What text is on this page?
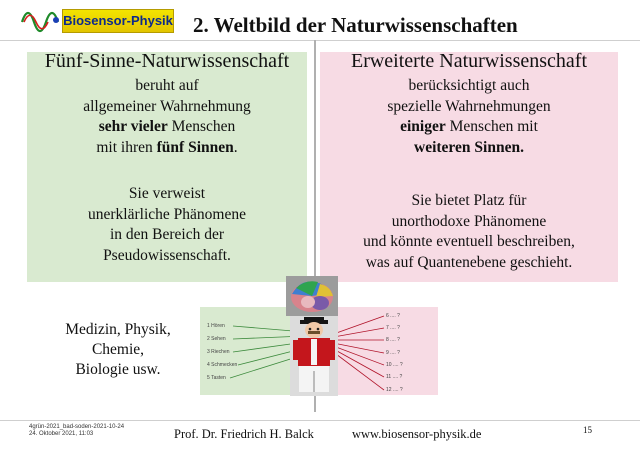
Biosensor-Physik 2. Weltbild der Naturwissenschaften
Fünf-Sinne-Naturwissenschaft
beruht auf
allgemeiner Wahrnehmung
sehr vieler Menschen
mit ihren fünf Sinnen.
Sie verweist
unerklärliche Phänomene
in den Bereich der
Pseudowissenschaft.
Erweiterte Naturwissenschaft
berücksichtigt auch
spezielle Wahrnehmungen
einiger Menschen mit
weiteren Sinnen.
Sie bietet Platz für
unorthodoxe Phänomene
und könnte eventuell beschreiben,
was auf Quantenebene geschieht.
Medizin, Physik,
Chemie,
Biologie usw.
1 Hören
2 Sehen
3 Riechen
4 Schmecken
5 Tasten
6 .... ?
7 .... ?
8 .... ?
9 .... ?
10 .... ?
11 .... ?
12 .... ?
4grün-2021_bad-soden-2021-10-24
24. Oktober 2021, 11:03	Prof. Dr. Friedrich H. Balck	www.biosensor-physik.de	15
